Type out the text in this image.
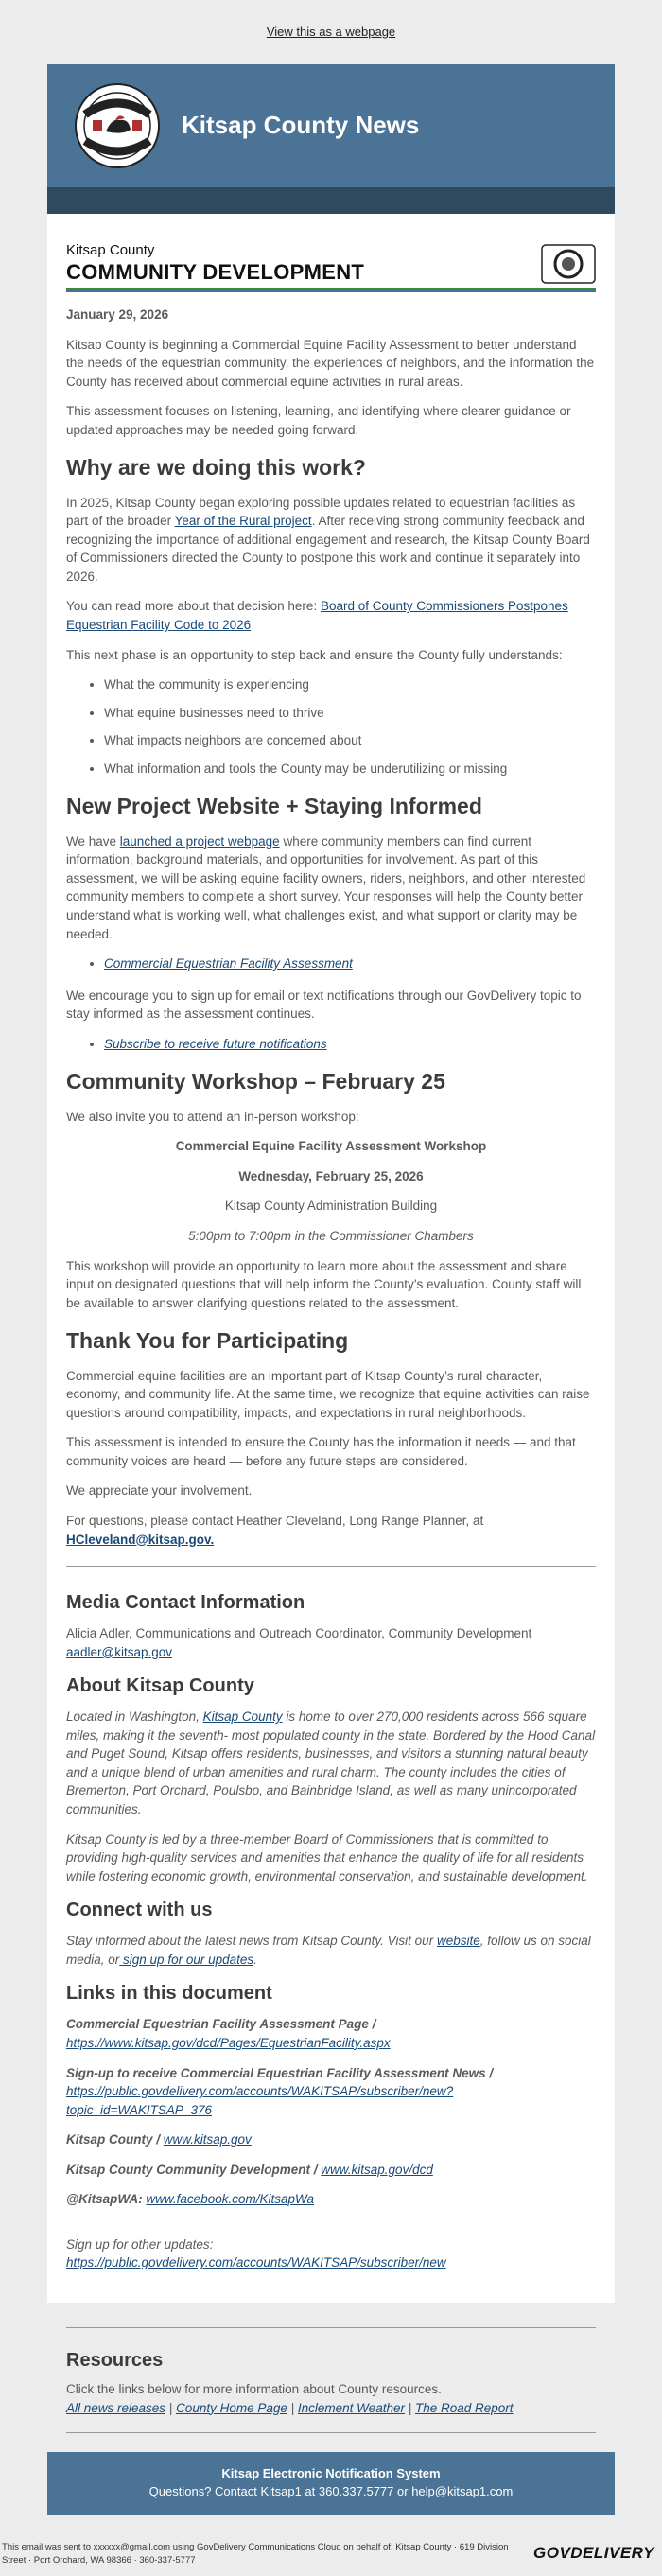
View this as a webpage
Kitsap County News
Kitsap County
COMMUNITY DEVELOPMENT

January 29, 2026

Kitsap County is beginning a Commercial Equine Facility Assessment to better understand the needs of the equestrian community, the experiences of neighbors, and the information the County has received about commercial equine activities in rural areas.

This assessment focuses on listening, learning, and identifying where clearer guidance or updated approaches may be needed going forward.

Why are we doing this work?

In 2025, Kitsap County began exploring possible updates related to equestrian facilities as part of the broader Year of the Rural project. After receiving strong community feedback and recognizing the importance of additional engagement and research, the Kitsap County Board of Commissioners directed the County to postpone this work and continue it separately into 2026.

You can read more about that decision here: Board of County Commissioners Postpones Equestrian Facility Code to 2026

This next phase is an opportunity to step back and ensure the County fully understands:

• What the community is experiencing
• What equine businesses need to thrive
• What impacts neighbors are concerned about
• What information and tools the County may be underutilizing or missing
New Project Website + Staying Informed

We have launched a project webpage where community members can find current information, background materials, and opportunities for involvement. As part of this assessment, we will be asking equine facility owners, riders, neighbors, and other interested community members to complete a short survey. Your responses will help the County better understand what is working well, what challenges exist, and what support or clarity may be needed.

• Commercial Equestrian Facility Assessment

We encourage you to sign up for email or text notifications through our GovDelivery topic to stay informed as the assessment continues.

• Subscribe to receive future notifications
Community Workshop – February 25

We also invite you to attend an in-person workshop:

Commercial Equine Facility Assessment Workshop

Wednesday, February 25, 2026

Kitsap County Administration Building

5:00pm to 7:00pm in the Commissioner Chambers

This workshop will provide an opportunity to learn more about the assessment and share input on designated questions that will help inform the County’s evaluation. County staff will be available to answer clarifying questions related to the assessment.

Thank You for Participating

Commercial equine facilities are an important part of Kitsap County’s rural character, economy, and community life. At the same time, we recognize that equine activities can raise questions around compatibility, impacts, and expectations in rural neighborhoods.

This assessment is intended to ensure the County has the information it needs — and that community voices are heard — before any future steps are considered.

We appreciate your involvement.

For questions, please contact Heather Cleveland, Long Range Planner, at
HCleveland@kitsap.gov.

Media Contact Information

Alicia Adler, Communications and Outreach Coordinator, Community Development
aadler@kitsap.gov

About Kitsap County

Located in Washington, Kitsap County is home to over 270,000 residents across 566 square miles, making it the seventh- most populated county in the state. Bordered by the Hood Canal and Puget Sound, Kitsap offers residents, businesses, and visitors a stunning natural beauty and a unique blend of urban amenities and rural charm. The county includes the cities of Bremerton, Port Orchard, Poulsbo, and Bainbridge Island, as well as many unincorporated communities.

Kitsap County is led by a three-member Board of Commissioners that is committed to providing high-quality services and amenities that enhance the quality of life for all residents while fostering economic growth, environmental conservation, and sustainable development.

Connect with us

Stay informed about the latest news from Kitsap County. Visit our website, follow us on social media, or sign up for our updates.

Links in this document
Commercial Equestrian Facility Assessment Page / https://www.kitsap.gov/dcd/Pages/EquestrianFacility.aspx
Sign-up to receive Commercial Equestrian Facility Assessment News / https://public.govdelivery.com/accounts/WAKITSAP/subscriber/new?topic_id=WAKITSAP_376
Kitsap County / www.kitsap.gov
Kitsap County Community Development / www.kitsap.gov/dcd
@KitsapWA: www.facebook.com/KitsapWa
Sign up for other updates:
https://public.govdelivery.com/accounts/WAKITSAP/subscriber/new
Resources
Click the links below for more information about County resources.
All news releases | County Home Page | Inclement Weather | The Road Report
Kitsap Electronic Notification System
Questions? Contact Kitsap1 at 360.337.5777 or help@kitsap1.com
This email was sent to xxxxxx@gmail.com using GovDelivery Communications Cloud on behalf of: Kitsap County · 619 Division
Street · Port Orchard, WA 98366 · 360-337-5777	GOVDELIVERY
